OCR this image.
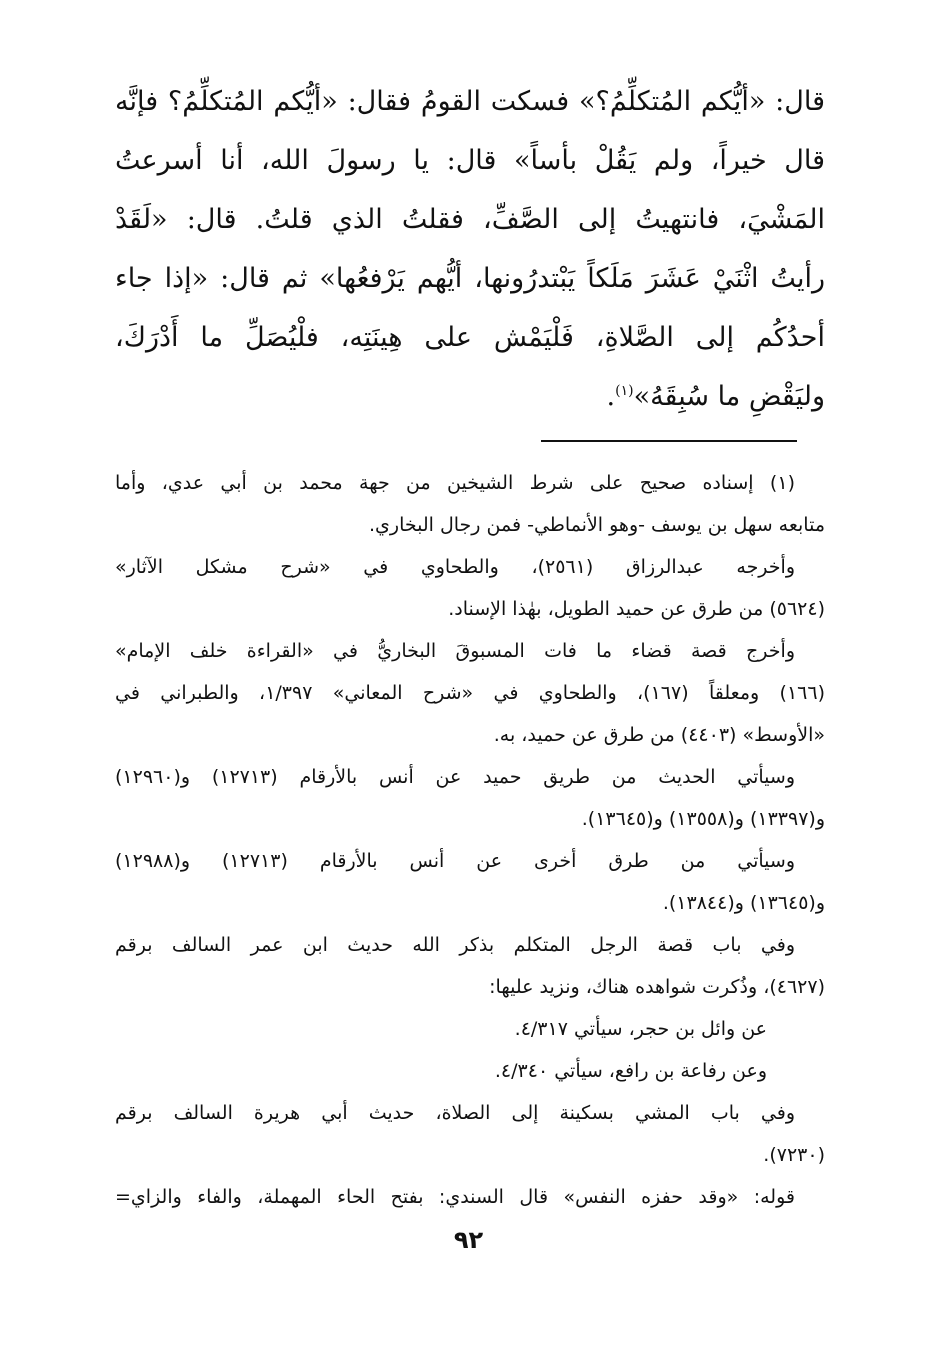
قال: «أيُّكم المُتكلِّمُ؟» فسكت القومُ فقال: «أيُّكم المُتكلِّمُ؟ فإنَّه
قال خيراً، ولم يَقُلْ بأساً» قال: يا رسولَ الله، أنا أسرعتُ
المَشْيَ، فانتهيتُ إلى الصَّفِّ، فقلتُ الذي قلتُ. قال: «لَقَدْ
رأيتُ اثْنَيْ عَشَرَ مَلَكاً يَبْتدرُونها، أيُّهم يَرْفعُها» ثم قال: «إذا جاء
أحدُكُم إلى الصَّلاةِ، فَلْيَمْش على هِينَتِه، فلْيُصَلِّ ما أَدْرَكَ،
وليَقْضِ ما سُبِقَهُ»$^{(١)}$.
(١) إسناده صحيح على شرط الشيخين من جهة محمد بن أبي عدي، وأما
متابعه سهل بن يوسف -وهو الأنماطي- فمن رجال البخاري.
وأخرجه عبدالرزاق (٢٥٦١)، والطحاوي في «شرح مشكل الآثار»
(٥٦٢٤) من طرق عن حميد الطويل، بهٰذا الإسناد.
وأخرج قصة قضاء ما فات المسبوقَ البخاريُّ في «القراءة خلف الإمام»
(١٦٦) ومعلقاً (١٦٧)، والطحاوي في «شرح المعاني» ١/٣٩٧، والطبراني في
«الأوسط» (٤٤٠٣) من طرق عن حميد، به.
وسيأتي الحديث من طريق حميد عن أنس بالأرقام (١٢٧١٣) و(١٢٩٦٠)
و(١٣٣٩٧) و(١٣٥٥٨) و(١٣٦٤٥).
وسيأتي من طرق أخرى عن أنس بالأرقام (١٢٧١٣) و(١٢٩٨٨)
و(١٣٦٤٥) و(١٣٨٤٤).
وفي باب قصة الرجل المتكلم بذكر الله حديث ابن عمر السالف برقم
(٤٦٢٧)، وذُكرت شواهده هناك، ونزيد عليها:
عن وائل بن حجر، سيأتي ٤/٣١٧.
وعن رفاعة بن رافع، سيأتي ٤/٣٤٠.
وفي باب المشي بسكينة إلى الصلاة، حديث أبي هريرة السالف برقم
(٧٢٣٠).
قوله: «وقد حفزه النفس» قال السندي: بفتح الحاء المهملة، والفاء والزاي=
٩٢
